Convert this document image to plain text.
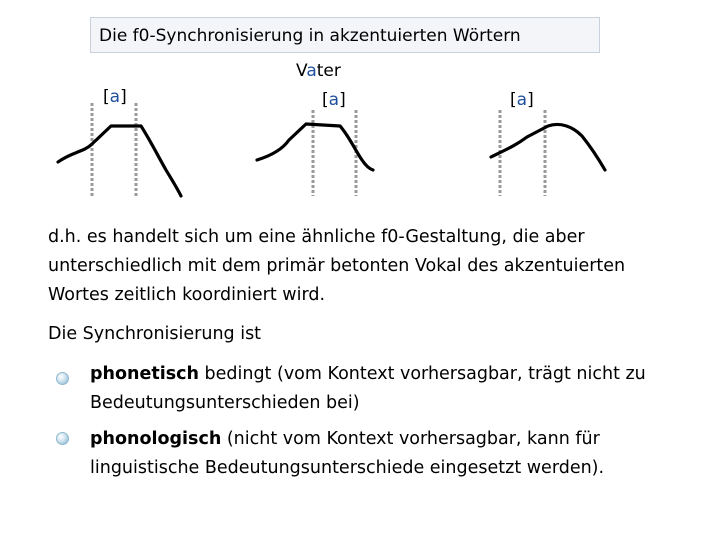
Die f0-Synchronisierung in akzentuierten Wörtern
[a]
Vater
[a]	[a]

d.h. es handelt sich um eine ähnliche f0-Gestaltung, die aber unterschiedlich mit dem primär betonten Vokal des akzentuierten Wortes zeitlich koordiniert wird.

Die Synchronisierung ist
phonetisch bedingt (vom Kontext vorhersagbar, trägt nicht zu Bedeutungsunterschieden bei)
phonologisch (nicht vom Kontext vorhersagbar, kann für linguistische Bedeutungsunterschiede eingesetzt werden).
